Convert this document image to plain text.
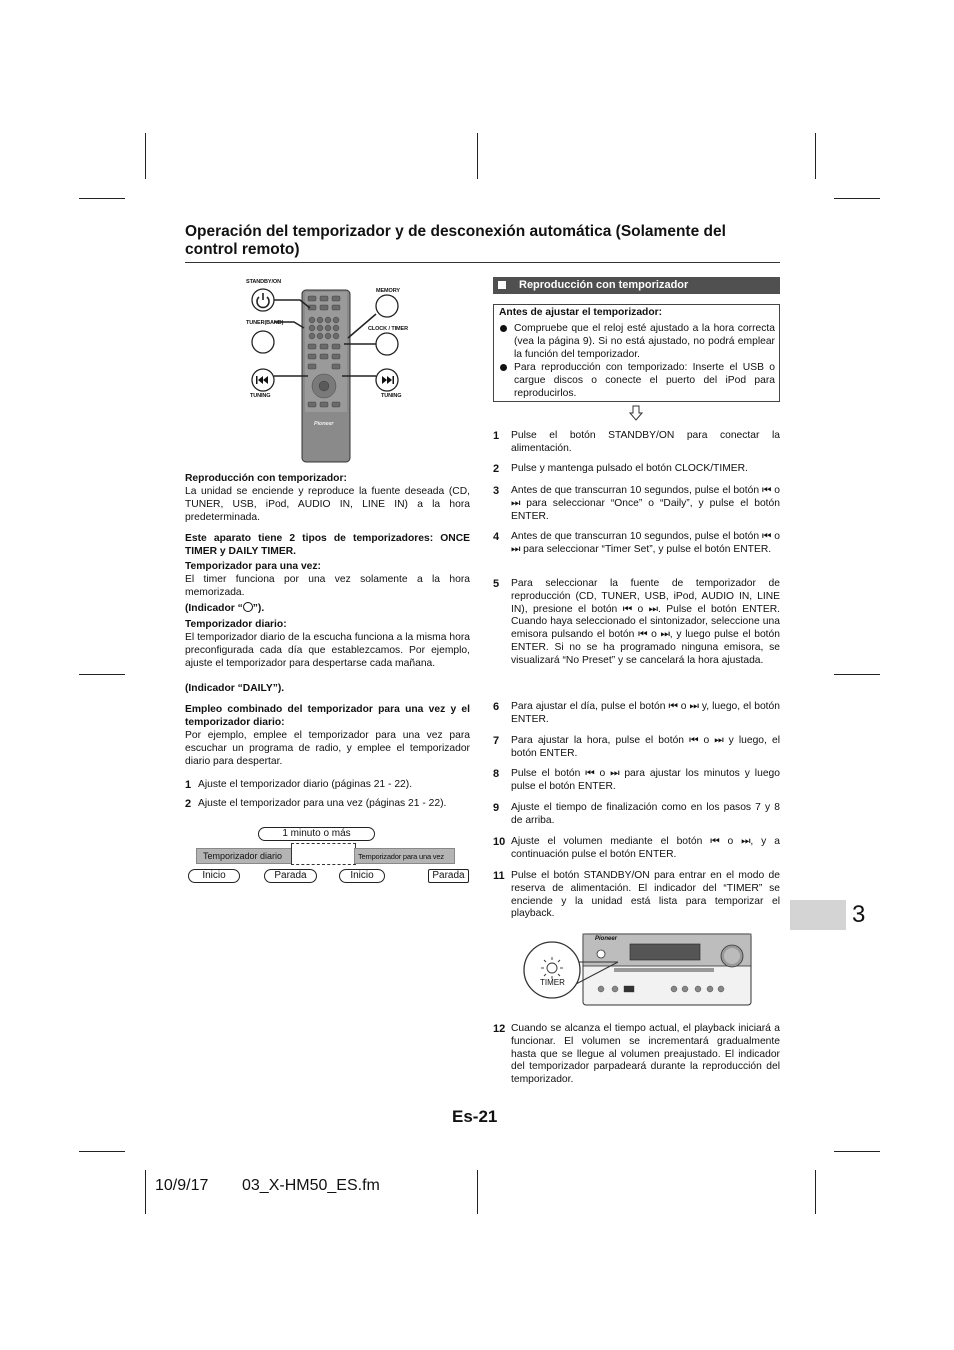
Operación del temporizador y de desconexión automática (Solamente del control remoto)
STANDBY/ON
MEMORY
TUNER(BAND)
CLOCK / TIMER
TUNING	TUNING
Pioneer

Reproducción con temporizador:

La unidad se enciende y reproduce la fuente deseada (CD, TUNER, USB, iPod, AUDIO IN, LINE IN) a la hora predeterminada.

Este aparato tiene 2 tipos de temporizadores: ONCE TIMER y DAILY TIMER.

Temporizador para una vez:

El timer funciona por una vez solamente a la hora memorizada.

(Indicador “ ”).

Temporizador diario:

El temporizador diario de la escucha funciona a la misma hora preconfigurada cada día que establezcamos. Por ejemplo, ajuste el temporizador para despertarse cada mañana.

(Indicador “DAILY”).

Empleo combinado del temporizador para una vez y el temporizador diario:

Por ejemplo, emplee el temporizador para una vez para escuchar un programa de radio, y emplee el temporizador diario para despertar.

1 Ajuste el temporizador diario (páginas 21 - 22).
2 Ajuste el temporizador para una vez (páginas 21 - 22).
1 minuto o más
Temporizador diario	Temporizador para una vez
Inicio	Parada	Inicio	Parada
Reproducción con temporizador
Antes de ajustar el temporizador:
Compruebe que el reloj esté ajustado a la hora correcta (vea la página 9). Si no está ajustado, no podrá emplear la función del temporizador.
Para reproducción con temporizado: Inserte el USB o cargue discos o conecte el puerto del iPod para reproducirlos.
1 Pulse el botón STANDBY/ON para conectar la alimentación.
2 Pulse y mantenga pulsado el botón CLOCK/TIMER.
3 Antes de que transcurran 10 segundos, pulse el botón ⏮ o ⏭ para seleccionar “Once” o “Daily”, y pulse el botón ENTER.
4 Antes de que transcurran 10 segundos, pulse el botón ⏮ o ⏭ para seleccionar “Timer Set”, y pulse el botón ENTER.
5 Para seleccionar la fuente de temporizador de reproducción (CD, TUNER, USB, iPod, AUDIO IN, LINE IN), presione el botón ⏮ o ⏭. Pulse el botón ENTER. Cuando haya seleccionado el sintonizador, seleccione una emisora pulsando el botón ⏮ o ⏭, y luego pulse el botón ENTER. Si no se ha programado ninguna emisora, se visualizará “No Preset” y se cancelará la hora ajustada.
6 Para ajustar el día, pulse el botón ⏮ o ⏭ y, luego, el botón ENTER.
7 Para ajustar la hora, pulse el botón ⏮ o ⏭ y luego, el botón ENTER.
8 Pulse el botón ⏮ o ⏭ para ajustar los minutos y luego pulse el botón ENTER.
9 Ajuste el tiempo de finalización como en los pasos 7 y 8 de arriba.
10 Ajuste el volumen mediante el botón ⏮ o ⏭, y a continuación pulse el botón ENTER.
11 Pulse el botón STANDBY/ON para entrar en el modo de reserva de alimentación. El indicador del “TIMER” se enciende y la unidad está lista para temporizar el playback.
TIMER
Pioneer
12 Cuando se alcanza el tiempo actual, el playback iniciará a funcionar. El volumen se incrementará gradualmente hasta que se llegue al volumen preajustado. El indicador del temporizador parpadeará durante la reproducción del temporizador.
3
Es-21
10/9/17 03_X-HM50_ES.fm
